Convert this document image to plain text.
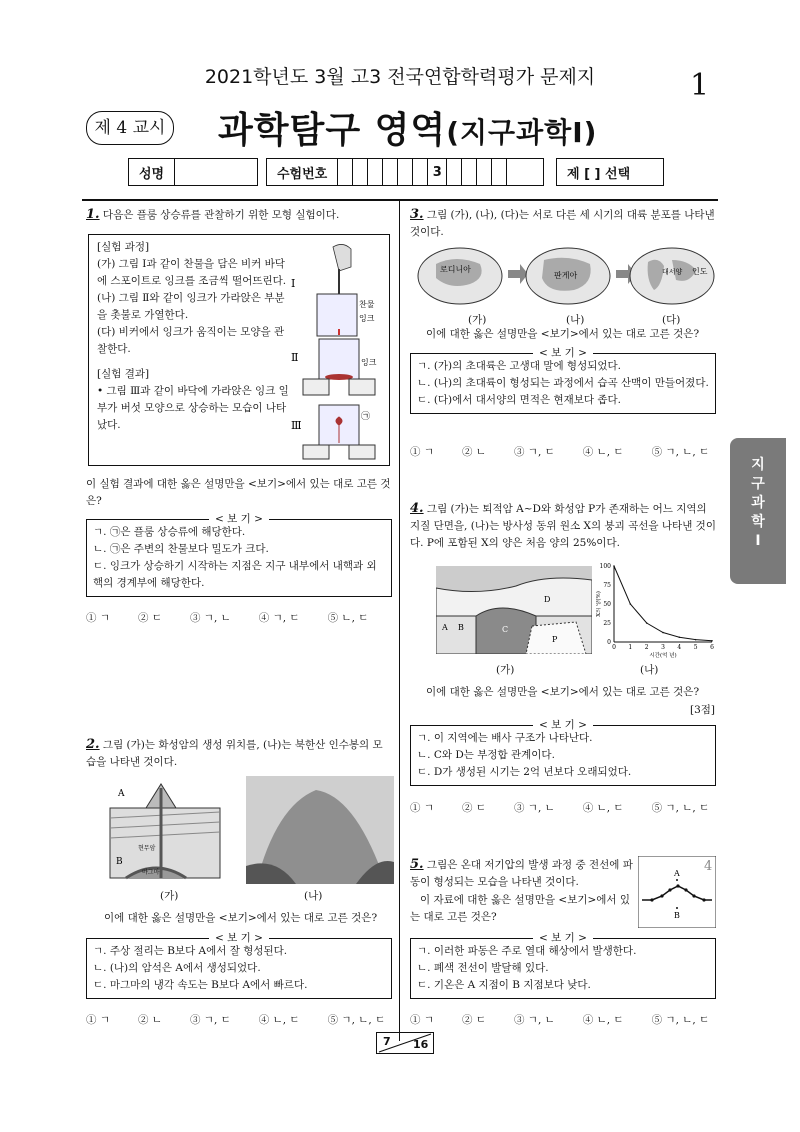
2021학년도 3월 고3 전국연합학력평가 문제지	1
제 4 교시 과학탐구 영역(지구과학Ⅰ)
성명	수험번호	3	제 [ ] 선택
1. 다음은 플룸 상승류를 관찰하기 위한 모형 실험이다.
[실험 과정]
(가) 그림 Ⅰ과 같이 찬물을 담은 비커 바닥에 스포이트로 잉크를 조금씩 떨어뜨린다.
(나) 그림 Ⅱ와 같이 잉크가 가라앉은 부분을 촛불로 가열한다.
(다) 비커에서 잉크가 움직이는 모양을 관찰한다.
[실험 결과]
• 그림 Ⅲ과 같이 바닥에 가라앉은 잉크 일부가 버섯 모양으로 상승하는 모습이 나타났다.
Ⅰ
찬물
잉크
Ⅱ	잉크
Ⅲ
㉠
이 실험 결과에 대한 옳은 설명만을 <보기>에서 있는 대로 고른 것은?
< 보 기 >
ㄱ. ㉠은 플룸 상승류에 해당한다.
ㄴ. ㉠은 주변의 찬물보다 밀도가 크다.
ㄷ. 잉크가 상승하기 시작하는 지점은 지구 내부에서 내핵과 외핵의 경계부에 해당한다.
① ㄱ	② ㄷ	③ ㄱ, ㄴ	④ ㄱ, ㄷ	⑤ ㄴ, ㄷ
2. 그림 (가)는 화성암의 생성 위치를, (나)는 북한산 인수봉의 모습을 나타낸 것이다.
A
B
현무암
마그마
(가)	(나)
이에 대한 옳은 설명만을 <보기>에서 있는 대로 고른 것은?
< 보 기 >
ㄱ. 주상 절리는 B보다 A에서 잘 형성된다.
ㄴ. (나)의 암석은 A에서 생성되었다.
ㄷ. 마그마의 냉각 속도는 B보다 A에서 빠르다.
① ㄱ	② ㄴ	③ ㄱ, ㄷ	④ ㄴ, ㄷ	⑤ ㄱ, ㄴ, ㄷ
3. 그림 (가), (나), (다)는 서로 다른 세 시기의 대륙 분포를 나타낸 것이다.
로디니아
판게아	대서양 인도
(가)	(나)	(다)
이에 대한 옳은 설명만을 <보기>에서 있는 대로 고른 것은?
< 보 기 >
ㄱ. (가)의 초대륙은 고생대 말에 형성되었다.
ㄴ. (나)의 초대륙이 형성되는 과정에서 습곡 산맥이 만들어졌다.
ㄷ. (다)에서 대서양의 면적은 현재보다 좁다.
① ㄱ	② ㄴ	③ ㄱ, ㄷ	④ ㄴ, ㄷ	⑤ ㄱ, ㄴ, ㄷ
4. 그림 (가)는 퇴적암 A~D와 화성암 P가 존재하는 어느 지역의 지질 단면을, (나)는 방사성 동위 원소 X의 붕괴 곡선을 나타낸 것이다. P에 포함된 X의 양은 처음 양의 25%이다.
A B	C
D
P	0
25
50
75
100
0 1 2 3 4 5 6
시간(억 년)
X의 양(%)
(가)	(나)
이에 대한 옳은 설명만을 <보기>에서 있는 대로 고른 것은?
[3점]
< 보 기 >
ㄱ. 이 지역에는 배사 구조가 나타난다.
ㄴ. C와 D는 부정합 관계이다.
ㄷ. D가 생성된 시기는 2억 년보다 오래되었다.
① ㄱ	② ㄷ	③ ㄱ, ㄴ	④ ㄴ, ㄷ	⑤ ㄱ, ㄴ, ㄷ
5. 그림은 온대 저기압의 발생 과정 중 전선에 파동이 형성되는 모습을 나타낸 것이다.
4
A
B
이 자료에 대한 옳은 설명만을 <보기>에서 있는 대로 고른 것은?
< 보 기 >
ㄱ. 이러한 파동은 주로 열대 해상에서 발생한다.
ㄴ. 폐색 전선이 발달해 있다.
ㄷ. 기온은 A 지점이 B 지점보다 낮다.
① ㄱ	② ㄷ	③ ㄱ, ㄴ	④ ㄴ, ㄷ	⑤ ㄱ, ㄴ, ㄷ
지
구
과
학
Ⅰ
7 16
